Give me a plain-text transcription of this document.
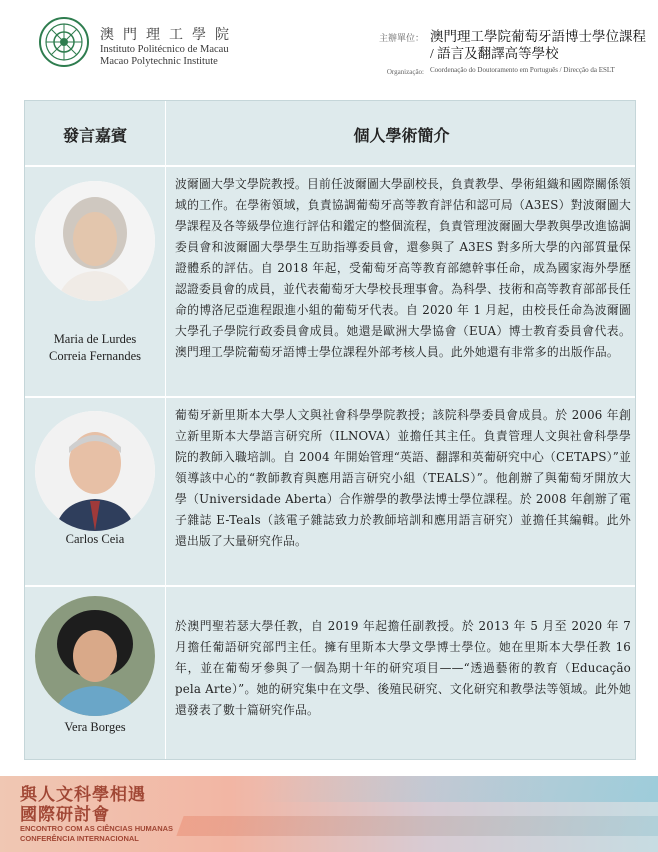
澳門理工學院
Instituto Politécnico de Macau
Macao Polytechnic Institute
主辦單位： 澳門理工學院葡萄牙語博士學位課程 / 語言及翻譯高等學校
Organização: Coordenação do Doutoramento em Português / Direcção da ESLT
發言嘉賓	個人學術簡介
Maria de Lurdes
Correia Fernandes
波爾圖大學文學院教授。目前任波爾圖大學副校長，負責教學、學術組織和國際關係領域的工作。在學術領域，負責協調葡萄牙高等教育評估和認可局（A3ES）對波爾圖大學課程及各等級學位進行評估和鑑定的整個流程，負責管理波爾圖大學教與學改進協調委員會和波爾圖大學學生互助指導委員會，還參與了 A3ES 對多所大學的內部質量保證體系的評估。自 2018 年起，受葡萄牙高等教育部總幹事任命，成為國家海外學歷認證委員會的成員，並代表葡萄牙大學校長理事會。為科學、技術和高等教育部部長任命的博洛尼亞進程跟進小組的葡萄牙代表。自 2020 年 1 月起，由校長任命為波爾圖大學孔子學院行政委員會成員。她還是歐洲大學協會（EUA）博士教育委員會代表。澳門理工學院葡萄牙語博士學位課程外部考核人員。此外她還有非常多的出版作品。
Carlos Ceia
葡萄牙新里斯本大學人文與社會科學學院教授；該院科學委員會成員。於 2006 年創立新里斯本大學語言研究所（ILNOVA）並擔任其主任。負責管理人文與社會科學學院的教師入職培訓。自 2004 年開始管理“英語、翻譯和英葡研究中心（CETAPS）”並領導該中心的“教師教育與應用語言研究小組（TEALS）”。他創辦了與葡萄牙開放大學（Universidade Aberta）合作辦學的教學法博士學位課程。於 2008 年創辦了電子雜誌 E-Teals（該電子雜誌致力於教師培訓和應用語言研究）並擔任其編輯。此外還出版了大量研究作品。
Vera Borges
於澳門聖若瑟大學任教，自 2019 年起擔任副教授。於 2013 年 5 月至 2020 年 7 月擔任葡語研究部門主任。擁有里斯本大學文學博士學位。她在里斯本大學任教 16 年，並在葡萄牙參與了一個為期十年的研究項目——“透過藝術的教育（Educação pela Arte）”。她的研究集中在文學、後殖民研究、文化研究和教學法等領域。此外她還發表了數十篇研究作品。
與人文科學相遇
國際研討會
ENCONTRO COM AS CIÊNCIAS HUMANAS
CONFERÊNCIA INTERNACIONAL
